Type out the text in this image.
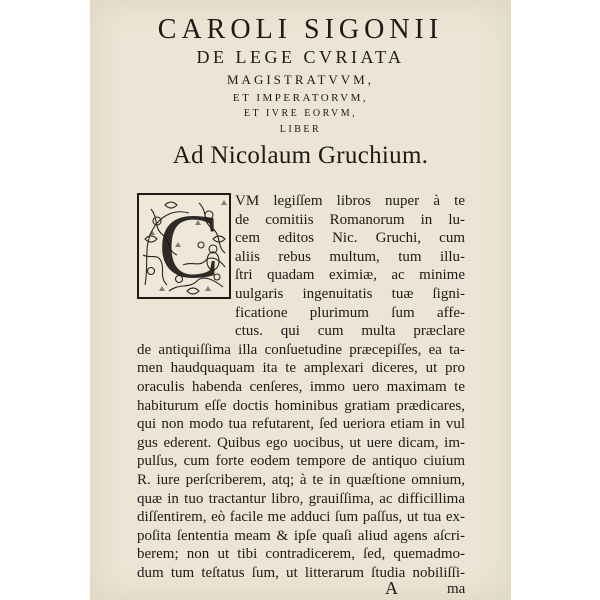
CAROLI SIGONII
DE LEGE CVRIATA
MAGISTRATVVM,
ET IMPERATORVM,
ET IVRE EORVM,
LIBER
Ad Nicolaum Gruchium.
C VM legiſſem libros nuper à te
de comitiis Romanorum in lu-
cem editos Nic. Gruchi, cum
aliis rebus multum, tum illu-
ſtri quadam eximiæ, ac minime
uulgaris ingenuitatis tuæ ſigni-
ficatione plurimum ſum affe-
ctus. qui cum multa præclare
de antiquiſſima illa conſuetudine præcepiſſes, ea ta-
men haudquaquam ita te amplexari diceres, ut pro
oraculis habenda cenſeres, immo uero maximam te
habiturum eſſe doctis hominibus gratiam prædicares,
qui non modo tua refutarent, ſed ueriora etiam in vul
gus ederent. Quibus ego uocibus, ut uere dicam, im-
pulſus, cum forte eodem tempore de antiquo ciuium
R. iure perſcriberem, atq; à te in quæſtione omnium,
quæ in tuo tractantur libro, grauiſſima, ac difficillima
diſſentirem, eò facile me adduci ſum paſſus, ut tua ex-
poſita ſententia meam & ipſe quaſi aliud agens aſcri-
berem; non ut tibi contradicerem, ſed, quemadmo-
dum tum teſtatus ſum, ut litterarum ſtudia nobiliſſi-
A	ma
